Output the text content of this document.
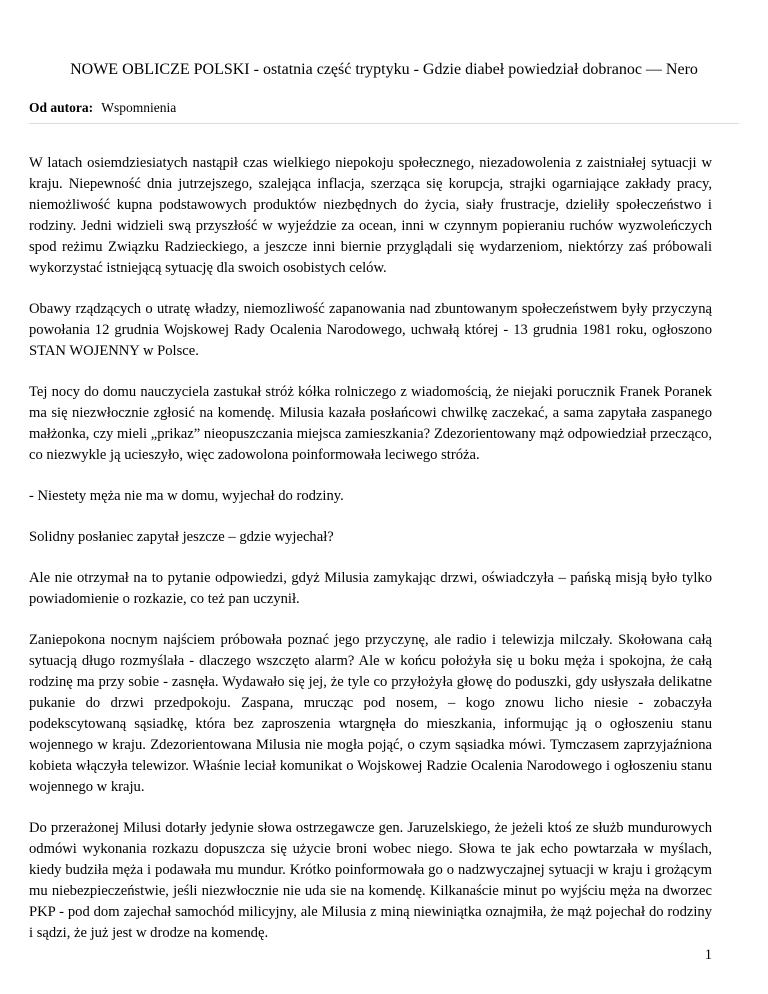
NOWE OBLICZE POLSKI - ostatnia część tryptyku - Gdzie diabeł powiedział dobranoc — Nero
Od autora: Wspomnienia

W latach osiemdziesiatych nastąpił czas wielkiego niepokoju społecznego, niezadowolenia z zaistniałej sytuacji w kraju. Niepewność dnia jutrzejszego, szalejąca inflacja, szerząca się korupcja, strajki ogarniające zakłady pracy, niemożliwość kupna podstawowych produktów niezbędnych do życia, siały frustracje, dzieliły społeczeństwo i rodziny. Jedni widzieli swą przyszłość w wyjeździe za ocean, inni w czynnym popieraniu ruchów wyzwoleńczych spod reżimu Związku Radzieckiego, a jeszcze inni biernie przyglądali się wydarzeniom, niektórzy zaś próbowali wykorzystać istniejącą sytuację dla swoich osobistych celów.

Obawy rządzących o utratę władzy, niemozliwość zapanowania nad zbuntowanym społeczeństwem były przyczyną powołania 12 grudnia Wojskowej Rady Ocalenia Narodowego, uchwałą której - 13 grudnia 1981 roku, ogłoszono STAN WOJENNY w Polsce.

Tej nocy do domu nauczyciela zastukał stróż kółka rolniczego z wiadomością, że niejaki porucznik Franek Poranek ma się niezwłocznie zgłosić na komendę. Milusia kazała posłańcowi chwilkę zaczekać, a sama zapytała zaspanego małżonka, czy mieli „prikaz” nieopuszczania miejsca zamieszkania? Zdezorientowany mąż odpowiedział przecząco, co niezwykle ją ucieszyło, więc zadowolona poinformowała leciwego stróża.

- Niestety męża nie ma w domu, wyjechał do rodziny.

Solidny posłaniec zapytał jeszcze – gdzie wyjechał?

Ale nie otrzymał na to pytanie odpowiedzi, gdyż Milusia zamykając drzwi, oświadczyła – pańską misją było tylko powiadomienie o rozkazie, co też pan uczynił.

Zaniepokona nocnym najściem próbowała poznać jego przyczynę, ale radio i telewizja milczały. Skołowana całą sytuacją długo rozmyślała - dlaczego wszczęto alarm? Ale w końcu położyła się u boku męża i spokojna, że całą rodzinę ma przy sobie - zasnęła. Wydawało się jej, że tyle co przyłożyła głowę do poduszki, gdy usłyszała delikatne pukanie do drzwi przedpokoju. Zaspana, mrucząc pod nosem, – kogo znowu licho niesie - zobaczyła podekscytowaną sąsiadkę, która bez zaproszenia wtargnęła do mieszkania, informując ją o ogłoszeniu stanu wojennego w kraju. Zdezorientowana Milusia nie mogła pojąć, o czym sąsiadka mówi. Tymczasem zaprzyjaźniona kobieta włączyła telewizor. Właśnie leciał komunikat o Wojskowej Radzie Ocalenia Narodowego i ogłoszeniu stanu wojennego w kraju.

Do przerażonej Milusi dotarły jedynie słowa ostrzegawcze gen. Jaruzelskiego, że jeżeli ktoś ze służb mundurowych odmówi wykonania rozkazu dopuszcza się użycie broni wobec niego. Słowa te jak echo powtarzała w myślach, kiedy budziła męża i podawała mu mundur. Krótko poinformowała go o nadzwyczajnej sytuacji w kraju i grożącym mu niebezpieczeństwie, jeśli niezwłocznie nie uda sie na komendę. Kilkanaście minut po wyjściu męża na dworzec PKP - pod dom zajechał samochód milicyjny, ale Milusia z miną niewiniątka oznajmiła, że mąż pojechał do rodziny i sądzi, że już jest w drodze na komendę.

1
